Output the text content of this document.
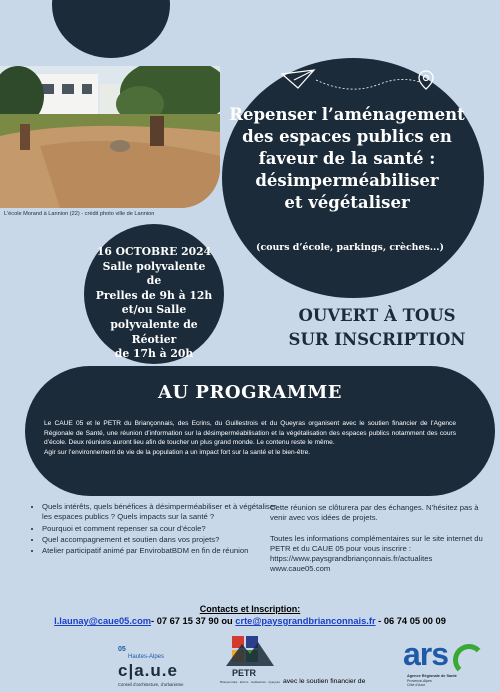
L'école Morand à Lannion (22) - crédit photo ville de Lannion
Repenser l’aménagement
des espaces publics en
faveur de la santé :
désimperméabiliser
et végétaliser
(cours d’école, parkings, crèches...)
16 OCTOBRE 2024
Salle polyvalente de
Prelles de 9h à 12h
et/ou Salle
polyvalente de Réotier
de 17h à 20h
OUVERT À TOUS
SUR INSCRIPTION
AU PROGRAMME
Le CAUE 05 et le PETR du Briançonnais, des Ecrins, du Guillestrois et du Queyras organisent avec le soutien financier de l’Agence Régionale de Santé, une réunion d’information sur la désimperméabilisation et la végétalisation des espaces publics notamment des cours d’école. Deux réunions auront lieu afin de toucher un plus grand monde. Le contenu reste le même.
Agir sur l’environnement de vie de la population a un impact fort sur la santé et le bien-être.
• Quels intérêts, quels bénéfices à désimperméabiliser et à végétaliser les espaces publics ? Quels impacts sur la santé ?
• Pourquoi et comment repenser sa cour d’école?
• Quel accompagnement et soutien dans vos projets?
• Atelier participatif animé par EnvirobatBDM en fin de réunion

Cette réunion se clôturera par des échanges. N’hésitez pas à venir avec vos idées de projets.

Toutes les informations complémentaires sur le site internet du PETR et du CAUE 05 pour vous inscrire : https://www.paysgrandbriançonnais.fr/actualites www.caue05.com

Contacts et Inscription:
l.launay@caue05.com- 07 67 15 37 90 ou crte@paysgrandbrianconnais.fr - 06 74 05 00 09
05
Hautes-Alpes
c|a.u.e
Conseil d’architecture, d’urbanisme
PETR
Briançonnais · Ecrins · Guillestrois · Queyras avec le soutien financier de
ars
Agence Régionale de Santé
Provence-Alpes
Côte d'Azur
